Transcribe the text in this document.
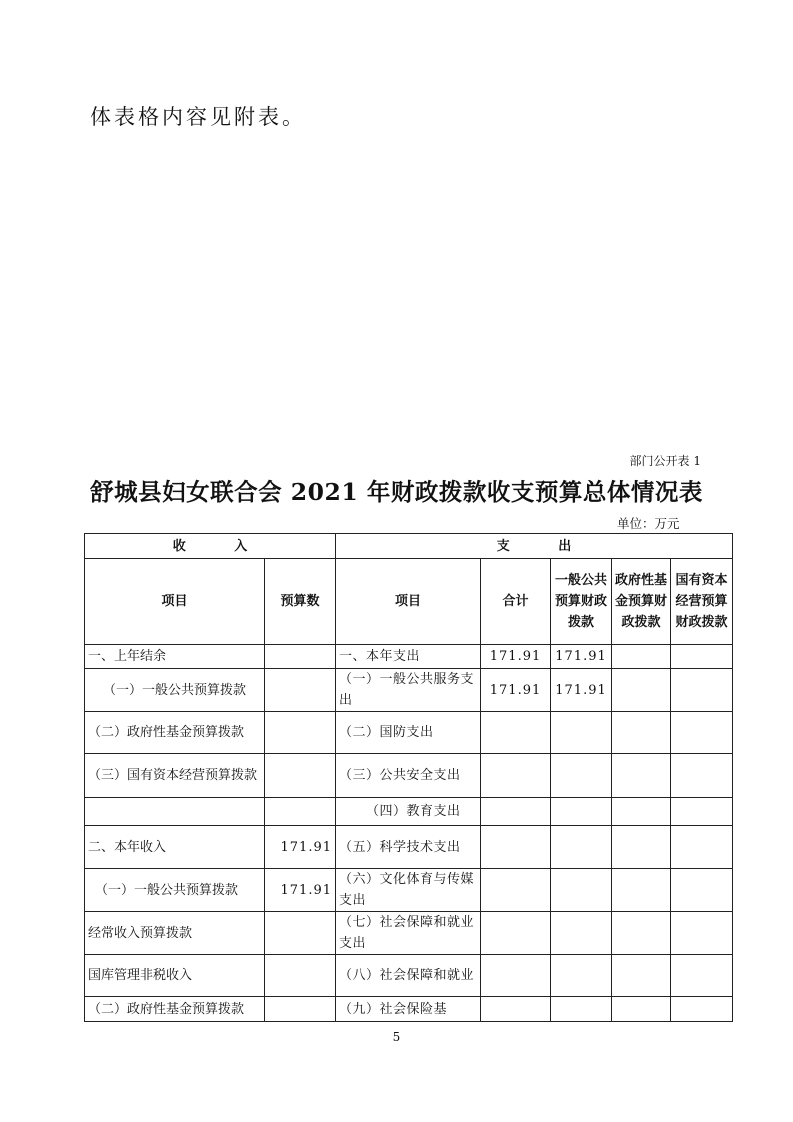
体表格内容见附表。

部门公开表 1
舒城县妇女联合会 2021 年财政拨款收支预算总体情况表
单位：万元
收 入		支 出				
项目	预算数	项目	合计	一般公共预算财政拨款	政府性基金预算财政拨款	国有资本经营预算财政拨款
一、上年结余		一、本年支出	171.91	171.91		
（一）一般公共预算拨款		（一）一般公共服务支出	171.91	171.91		
（二）政府性基金预算拨款		（二）国防支出				
（三）国有资本经营预算拨款		（三）公共安全支出				
		（四）教育支出				
二、本年收入	171.91	（五）科学技术支出				
（一）一般公共预算拨款	171.91	（六）文化体育与传媒支出				
经常收入预算拨款		（七）社会保障和就业支出				
国库管理非税收入		（八）社会保障和就业				
（二）政府性基金预算拨款		（九）社会保险基				
5
